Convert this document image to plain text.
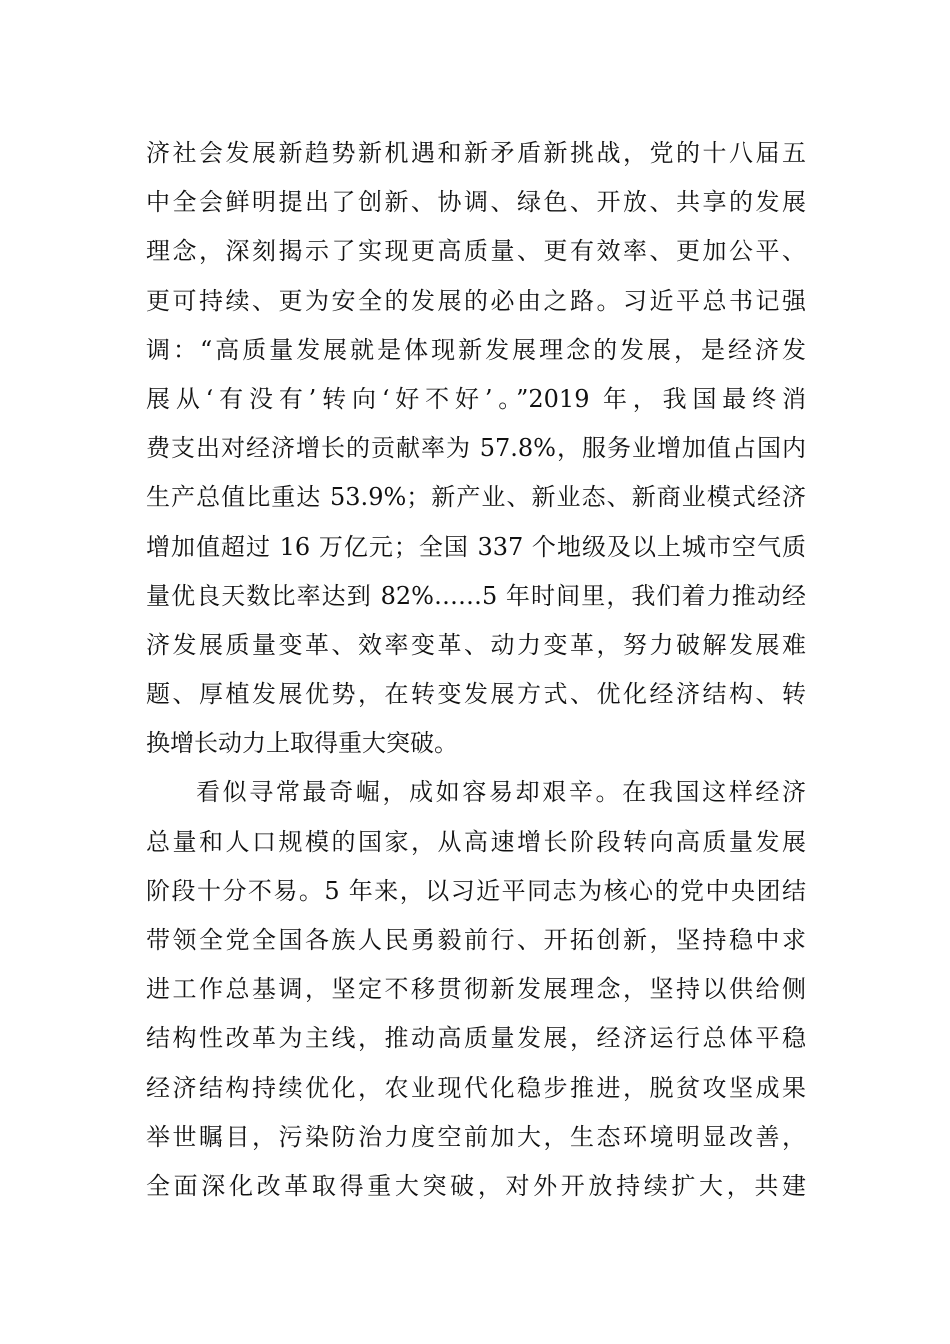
济社会发展新趋势新机遇和新矛盾新挑战，党的十八届五
中全会鲜明提出了创新、协调、绿色、开放、共享的发展
理念，深刻揭示了实现更高质量、更有效率、更加公平、
更可持续、更为安全的发展的必由之路。习近平总书记强
调：“高质量发展就是体现新发展理念的发展，是经济发
展从‘有没有’转向‘好不好’。”2019 年，我国最终消
费支出对经济增长的贡献率为 57.8%，服务业增加值占国内
生产总值比重达 53.9%；新产业、新业态、新商业模式经济
增加值超过 16 万亿元；全国 337 个地级及以上城市空气质
量优良天数比率达到 82%……5 年时间里，我们着力推动经
济发展质量变革、效率变革、动力变革，努力破解发展难
题、厚植发展优势，在转变发展方式、优化经济结构、转
换增长动力上取得重大突破。
看似寻常最奇崛，成如容易却艰辛。在我国这样经济
总量和人口规模的国家，从高速增长阶段转向高质量发展
阶段十分不易。5 年来，以习近平同志为核心的党中央团结
带领全党全国各族人民勇毅前行、开拓创新，坚持稳中求
进工作总基调，坚定不移贯彻新发展理念，坚持以供给侧
结构性改革为主线，推动高质量发展，经济运行总体平稳
经济结构持续优化，农业现代化稳步推进，脱贫攻坚成果
举世瞩目，污染防治力度空前加大，生态环境明显改善，
全面深化改革取得重大突破，对外开放持续扩大，共建
